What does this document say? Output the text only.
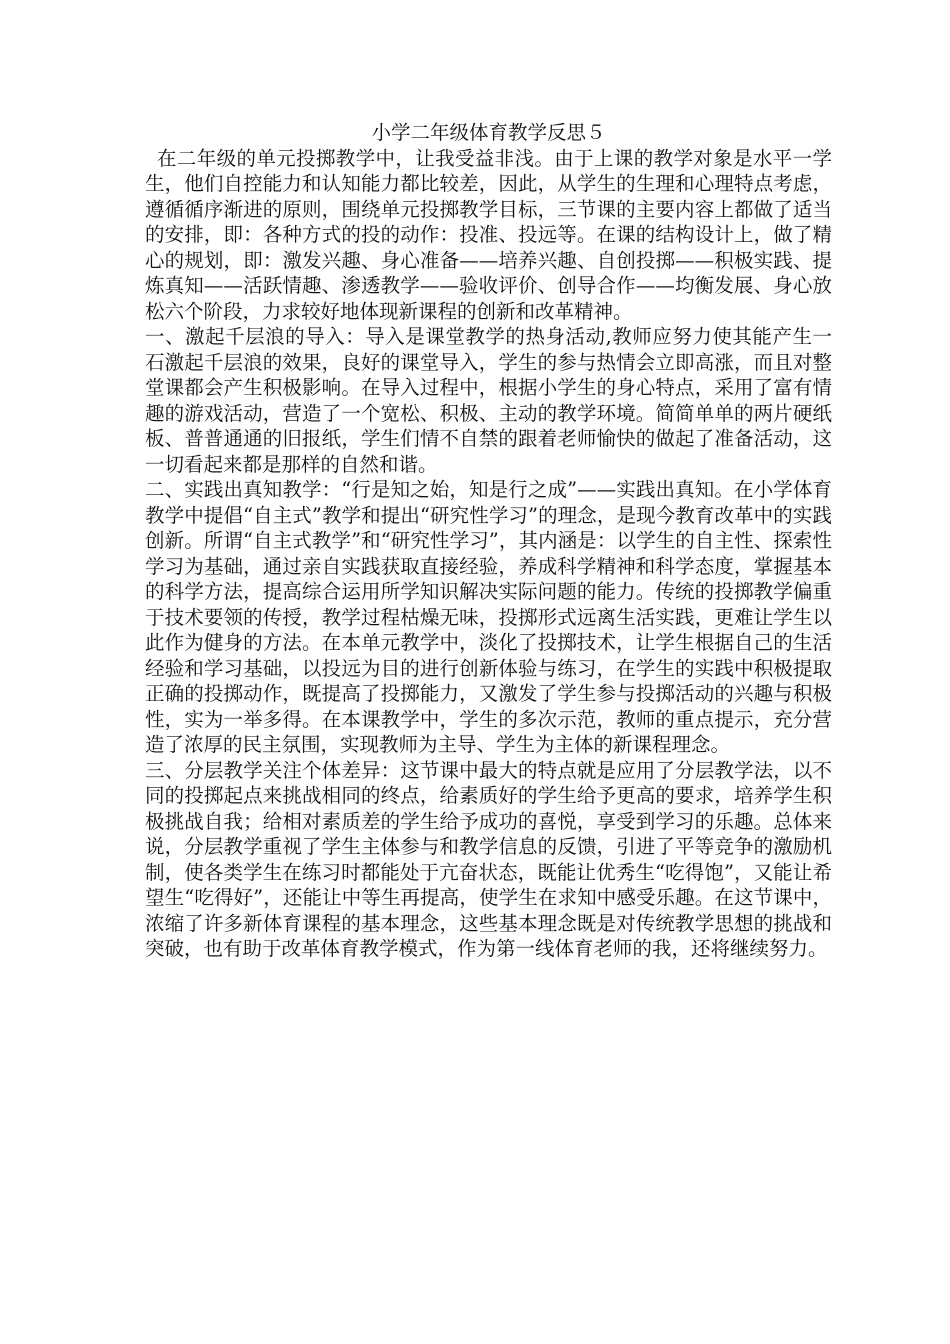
小学二年级体育教学反思５

在二年级的单元投掷教学中，让我受益非浅。由于上课的教学对象是水平一学生，他们自控能力和认知能力都比较差，因此，从学生的生理和心理特点考虑，遵循循序渐进的原则，围绕单元投掷教学目标，三节课的主要内容上都做了适当的安排，即：各种方式的投的动作：投准、投远等。在课的结构设计上，做了精心的规划，即：激发兴趣、身心准备——培养兴趣、自创投掷——积极实践、提炼真知——活跃情趣、渗透教学——验收评价、创导合作——均衡发展、身心放松六个阶段，力求较好地体现新课程的创新和改革精神。

一、激起千层浪的导入：导入是课堂教学的热身活动,教师应努力使其能产生一石激起千层浪的效果，良好的课堂导入，学生的参与热情会立即高涨，而且对整堂课都会产生积极影响。在导入过程中，根据小学生的身心特点，采用了富有情趣的游戏活动，营造了一个宽松、积极、主动的教学环境。简简单单的两片硬纸板、普普通通的旧报纸，学生们情不自禁的跟着老师愉快的做起了准备活动，这一切看起来都是那样的自然和谐。

二、实践出真知教学：“行是知之始，知是行之成”——实践出真知。在小学体育教学中提倡“自主式”教学和提出“研究性学习”的理念，是现今教育改革中的实践创新。所谓“自主式教学”和“研究性学习”，其内涵是：以学生的自主性、探索性学习为基础，通过亲自实践获取直接经验，养成科学精神和科学态度，掌握基本的科学方法，提高综合运用所学知识解决实际问题的能力。传统的投掷教学偏重于技术要领的传授，教学过程枯燥无味，投掷形式远离生活实践，更难让学生以此作为健身的方法。在本单元教学中，淡化了投掷技术，让学生根据自己的生活经验和学习基础，以投远为目的进行创新体验与练习，在学生的实践中积极提取正确的投掷动作，既提高了投掷能力，又激发了学生参与投掷活动的兴趣与积极性，实为一举多得。在本课教学中，学生的多次示范，教师的重点提示，充分营造了浓厚的民主氛围，实现教师为主导、学生为主体的新课程理念。

三、分层教学关注个体差异：这节课中最大的特点就是应用了分层教学法，以不同的投掷起点来挑战相同的终点，给素质好的学生给予更高的要求，培养学生积极挑战自我；给相对素质差的学生给予成功的喜悦，享受到学习的乐趣。总体来说，分层教学重视了学生主体参与和教学信息的反馈，引进了平等竞争的激励机制，使各类学生在练习时都能处于亢奋状态，既能让优秀生“吃得饱”，又能让希望生“吃得好”，还能让中等生再提高，使学生在求知中感受乐趣。在这节课中，浓缩了许多新体育课程的基本理念，这些基本理念既是对传统教学思想的挑战和突破，也有助于改革体育教学模式，作为第一线体育老师的我，还将继续努力。
